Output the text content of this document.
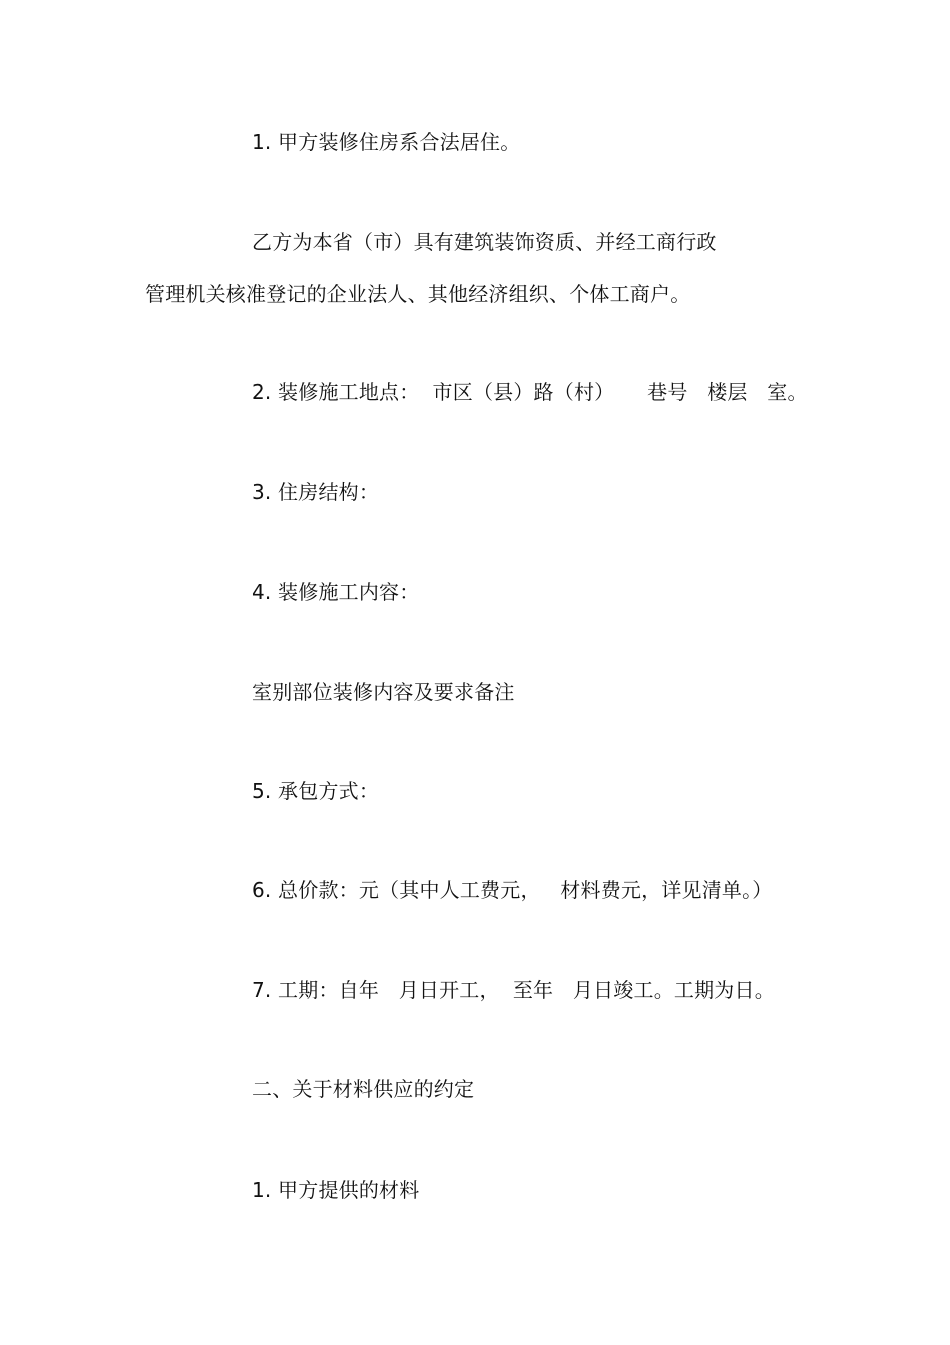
1. 甲方装修住房系合法居住。
乙方为本省（市）具有建筑装饰资质、并经工商行政
管理机关核准登记的企业法人、其他经济组织、个体工商户。
2. 装修施工地点：  市区（县）路（村）     巷号   楼层   室。
3. 住房结构：
4. 装修施工内容：
室别部位装修内容及要求备注
5. 承包方式：
6. 总价款：元（其中人工费元，   材料费元，详见清单。）
7. 工期：自年   月日开工，  至年   月日竣工。工期为日。
二、关于材料供应的约定
1. 甲方提供的材料
